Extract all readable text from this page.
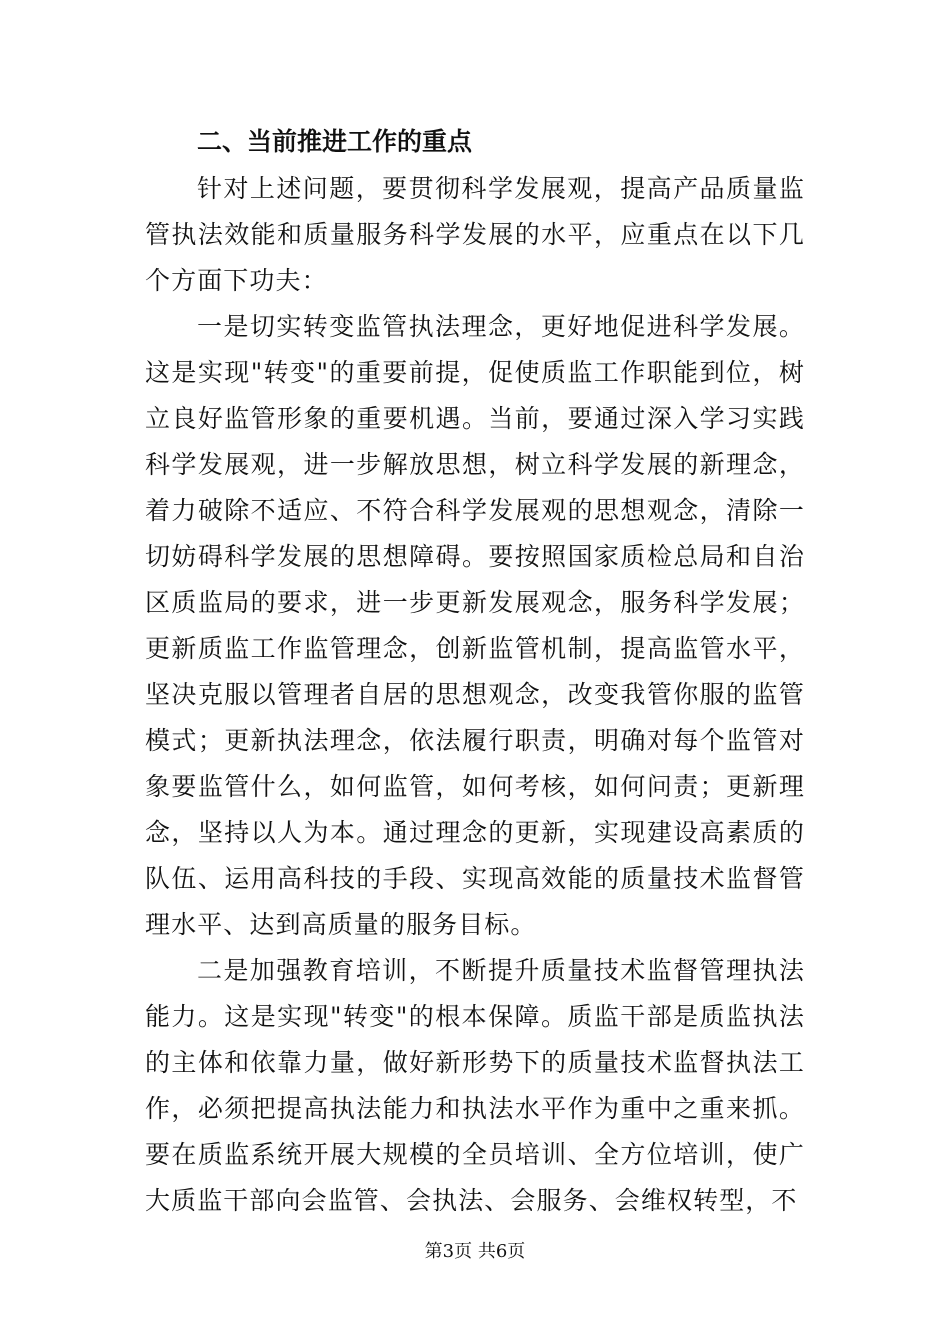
二、当前推进工作的重点

针对上述问题，要贯彻科学发展观，提高产品质量监管执法效能和质量服务科学发展的水平，应重点在以下几个方面下功夫：

一是切实转变监管执法理念，更好地促进科学发展。这是实现"转变"的重要前提，促使质监工作职能到位，树立良好监管形象的重要机遇。当前，要通过深入学习实践科学发展观，进一步解放思想，树立科学发展的新理念，着力破除不适应、不符合科学发展观的思想观念，清除一切妨碍科学发展的思想障碍。要按照国家质检总局和自治区质监局的要求，进一步更新发展观念，服务科学发展；更新质监工作监管理念，创新监管机制，提高监管水平，坚决克服以管理者自居的思想观念，改变我管你服的监管模式；更新执法理念，依法履行职责，明确对每个监管对象要监管什么，如何监管，如何考核，如何问责；更新理念，坚持以人为本。通过理念的更新，实现建设高素质的队伍、运用高科技的手段、实现高效能的质量技术监督管理水平、达到高质量的服务目标。

二是加强教育培训，不断提升质量技术监督管理执法能力。这是实现"转变"的根本保障。质监干部是质监执法的主体和依靠力量，做好新形势下的质量技术监督执法工作，必须把提高执法能力和执法水平作为重中之重来抓。要在质监系统开展大规模的全员培训、全方位培训，使广大质监干部向会监管、会执法、会服务、会维权转型，不

第3页 共6页
